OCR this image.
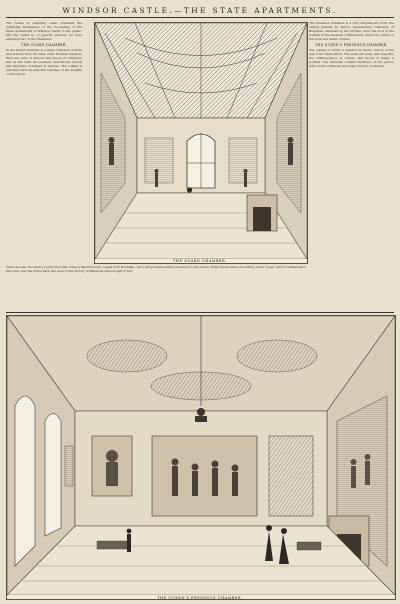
WINDSOR CASTLE.—THE STATE APARTMENTS.
The Castle of yesterday week contained the gratifying intelligence of the re-opening of the State Apartments of Windsor Castle to the public; and the Castle is, of general interest, we have engraved two of the Chambers.
THE GUARD CHAMBER.
In the Guard Chamber is a large collection of arms and armour, from the time of the Norman invasion. Here are suits of armour and pieces of ordnance; and on the walls are muskets, matchlocks, pistols and bayonets, arranged in devices. The ceiling is enriched with the armorial bearings of the Knights of the Garter.
THE GUARD CHAMBER.
The Presence Chamber is a very magnificent room; the ceiling painted by Verrio, representing Catharine of Braganza, attended by the Virtues. Over the door is the portrait of the Duchess of Brunswick; and in the centre of the room are chairs of state.
THE QUEEN'S PRESENCE CHAMBER.
The ceiling of which is painted by Verrio, and is of the age of the Restoration. The walls are hung with tapestry; the chimney-piece is carved, and above it hangs a portrait. The chamber contains furniture of the period, with a bust of Handel, and other objects of interest.
There are also the busts of John Churchill, Duke of Marlborough, copied from Roubiliac; and a large Indian shield presented to the Queen. When Queen Anne was sitting in her closet, which commanded a fine view over the Home Park, the news of the victory of Blenheim was brought to her.
THE QUEEN'S PRESENCE CHAMBER.
